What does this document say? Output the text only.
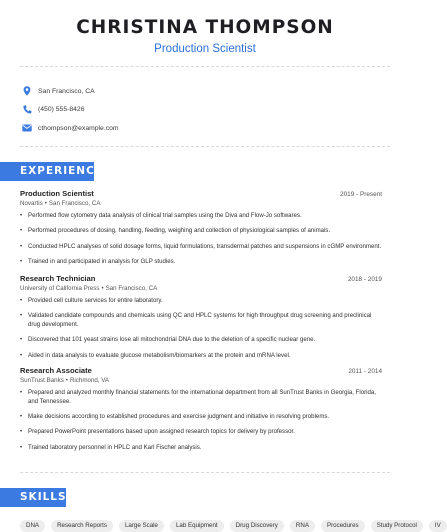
CHRISTINA THOMPSON
Production Scientist
San Francisco, CA
(450) 555-8426
cthompson@example.com
EXPERIENCE
Production Scientist	2019 - Present
Novartis • San Francisco, CA
• Performed flow cytometry data analysis of clinical trial samples using the Diva and Flow-Jo softwares.
• Performed procedures of dosing, handling, feeding, weighing and collection of physiological samples of animals.
• Conducted HPLC analyses of solid dosage forms, liquid formulations, transdermal patches and suspensions in cGMP environment.
• Trained in and participated in analysis for GLP studies.
Research Technician	2018 - 2019
University of California Press • San Francisco, CA
• Provided cell culture services for entire laboratory.
• Validated candidate compounds and chemicals using QC and HPLC systems for high throughput drug screening and preclinical drug development.
• Discovered that 101 yeast strains lose all mitochondrial DNA due to the deletion of a specific nuclear gene.
• Aided in data analysis to evaluate glucose metabolism/biomarkers at the protein and mRNA level.
Research Associate	2011 - 2014
SunTrust Banks • Richmond, VA
• Prepared and analyzed monthly financial statements for the international department from all SunTrust Banks in Georgia, Florida, and Tennessee.
• Make decisions according to established procedures and exercise judgment and initiative in resolving problems.
• Prepared PowerPoint presentations based upon assigned research topics for delivery by professor.
• Trained laboratory personnel in HPLC and Karl Fischer analysis.
SKILLS
DNA	Research Reports	Large Scale	Lab Equipment	Drug Discovery	RNA	Procedures	Study Protocol	IV
